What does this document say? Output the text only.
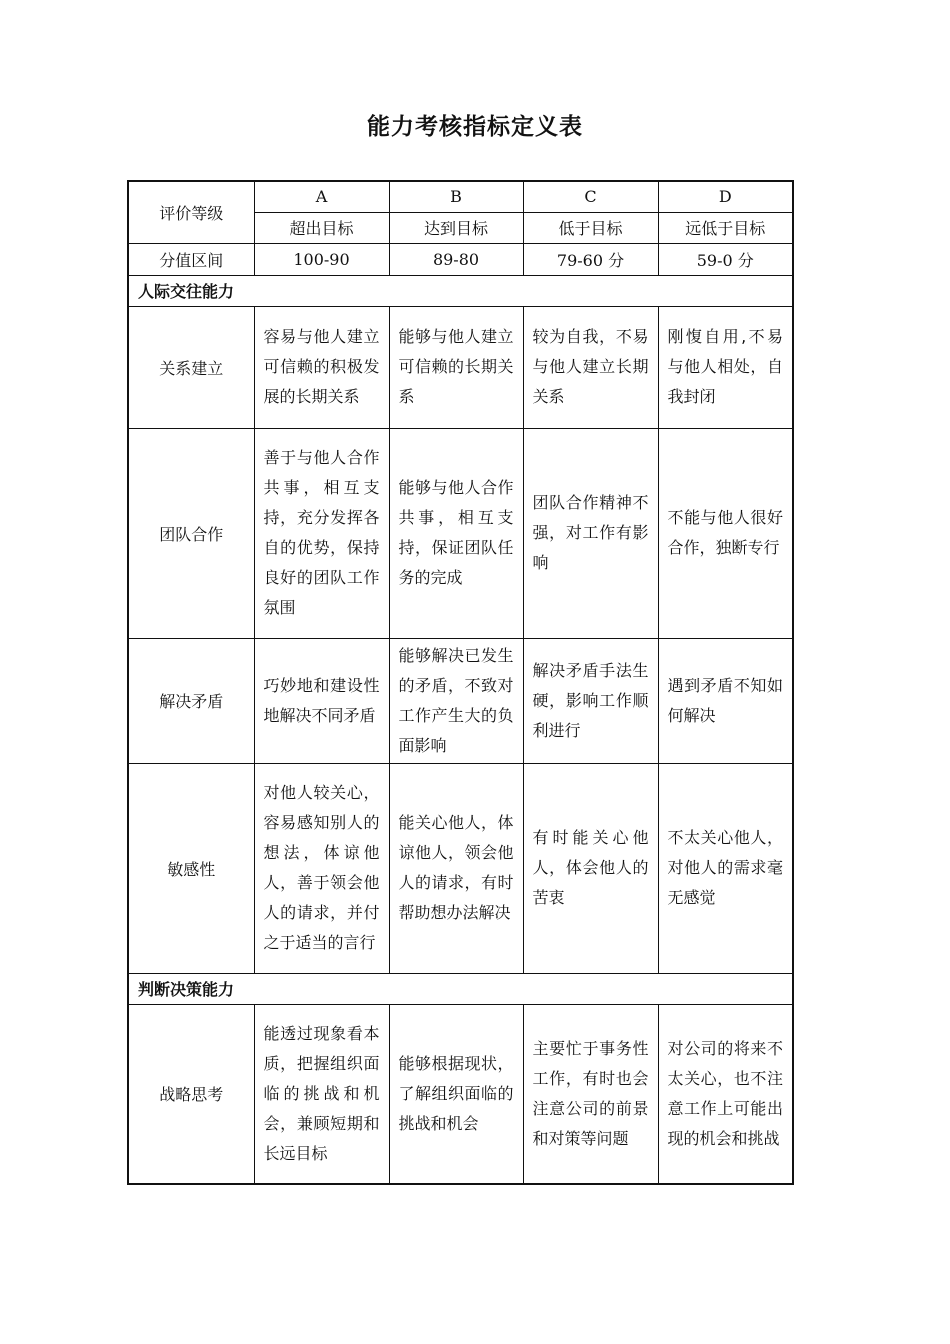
能力考核指标定义表
评价等级	A	B	C	D
	超出目标	达到目标	低于目标	远低于目标
分值区间	100-90	89-80	79-60 分	59-0 分
人际交往能力				
关系建立	容易与他人建立可信赖的积极发展的长期关系	能够与他人建立可信赖的长期关系	较为自我，不易与他人建立长期关系	刚愎自用,不易与他人相处，自我封闭
团队合作	善于与他人合作共事，相互支持，充分发挥各自的优势，保持良好的团队工作氛围	能够与他人合作共事，相互支持，保证团队任务的完成	团队合作精神不强，对工作有影响	不能与他人很好合作，独断专行
解决矛盾	巧妙地和建设性地解决不同矛盾	能够解决已发生的矛盾，不致对工作产生大的负面影响	解决矛盾手法生硬，影响工作顺利进行	遇到矛盾不知如何解决
敏感性	对他人较关心，容易感知别人的想法，体谅他人，善于领会他人的请求，并付之于适当的言行	能关心他人，体谅他人，领会他人的请求，有时帮助想办法解决	有时能关心他人，体会他人的苦衷	不太关心他人，对他人的需求毫无感觉
判断决策能力				
战略思考	能透过现象看本质，把握组织面临的挑战和机会，兼顾短期和长远目标	能够根据现状，了解组织面临的挑战和机会	主要忙于事务性工作，有时也会注意公司的前景和对策等问题	对公司的将来不太关心，也不注意工作上可能出现的机会和挑战
